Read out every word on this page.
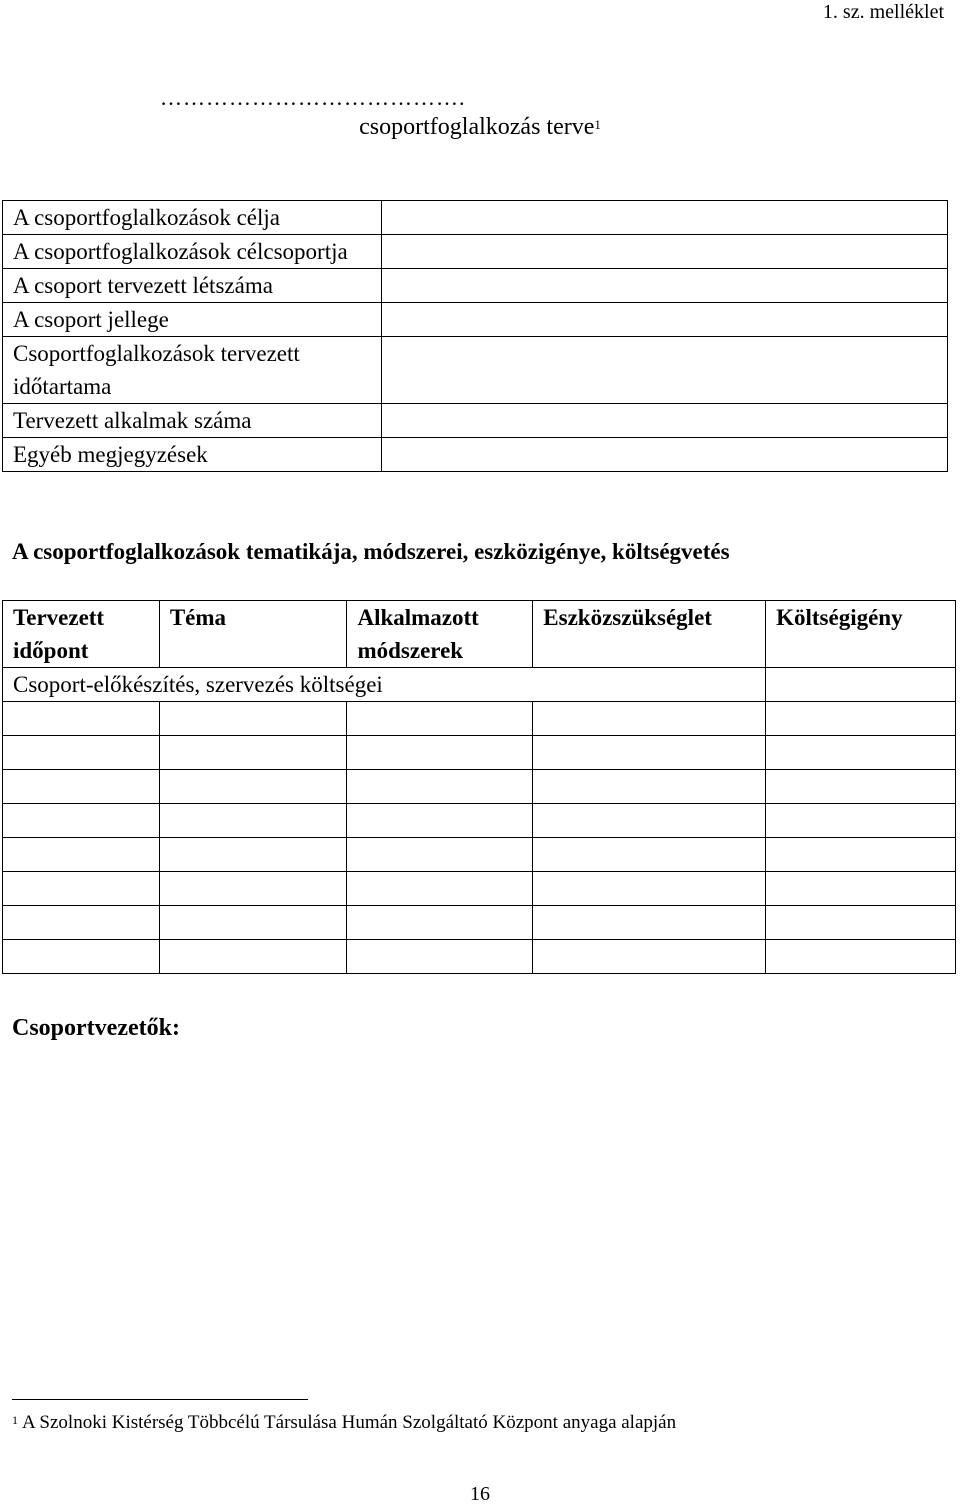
1. sz. melléklet
………………………………….
csoportfoglalkozás terve$^1$
A csoportfoglalkozások célja	
A csoportfoglalkozások célcsoportja	
A csoport tervezett létszáma	
A csoport jellege	
Csoportfoglalkozások tervezett időtartama	
Tervezett alkalmak száma	
Egyéb megjegyzések	
A csoportfoglalkozások tematikája, módszerei, eszközigénye, költségvetés
Tervezett időpont	Téma	Alkalmazott módszerek	Eszközszükséglet	Költségigény
Csoport-előkészítés, szervezés költségei				

Csoportvezetők:
$^1$ A Szolnoki Kistérség Többcélú Társulása Humán Szolgáltató Központ anyaga alapján
16
